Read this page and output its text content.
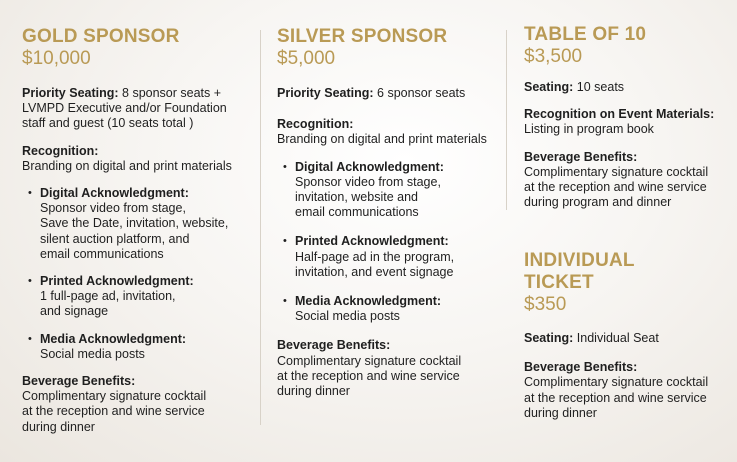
GOLD SPONSOR
$10,000

Priority Seating: 8 sponsor seats + LVMPD Executive and/or Foundation staff and guest (10 seats total )

Recognition:
Branding on digital and print materials

• Digital Acknowledgment:
Sponsor video from stage,
Save the Date, invitation, website,
silent auction platform, and
email communications
• Printed Acknowledgment:
1 full-page ad, invitation,
and signage
• Media Acknowledgment:
Social media posts

Beverage Benefits:
Complimentary signature cocktail
at the reception and wine service
during dinner

SILVER SPONSOR
$5,000

Priority Seating: 6 sponsor seats

Recognition:
Branding on digital and print materials

• Digital Acknowledgment:
Sponsor video from stage,
invitation, website and
email communications
• Printed Acknowledgment:
Half-page ad in the program,
invitation, and event signage
• Media Acknowledgment:
Social media posts

Beverage Benefits:
Complimentary signature cocktail
at the reception and wine service
during dinner

TABLE OF 10
$3,500

Seating: 10 seats

Recognition on Event Materials:
Listing in program book

Beverage Benefits:
Complimentary signature cocktail
at the reception and wine service
during program and dinner

INDIVIDUAL
TICKET
$350

Seating: Individual Seat

Beverage Benefits:
Complimentary signature cocktail
at the reception and wine service
during dinner
